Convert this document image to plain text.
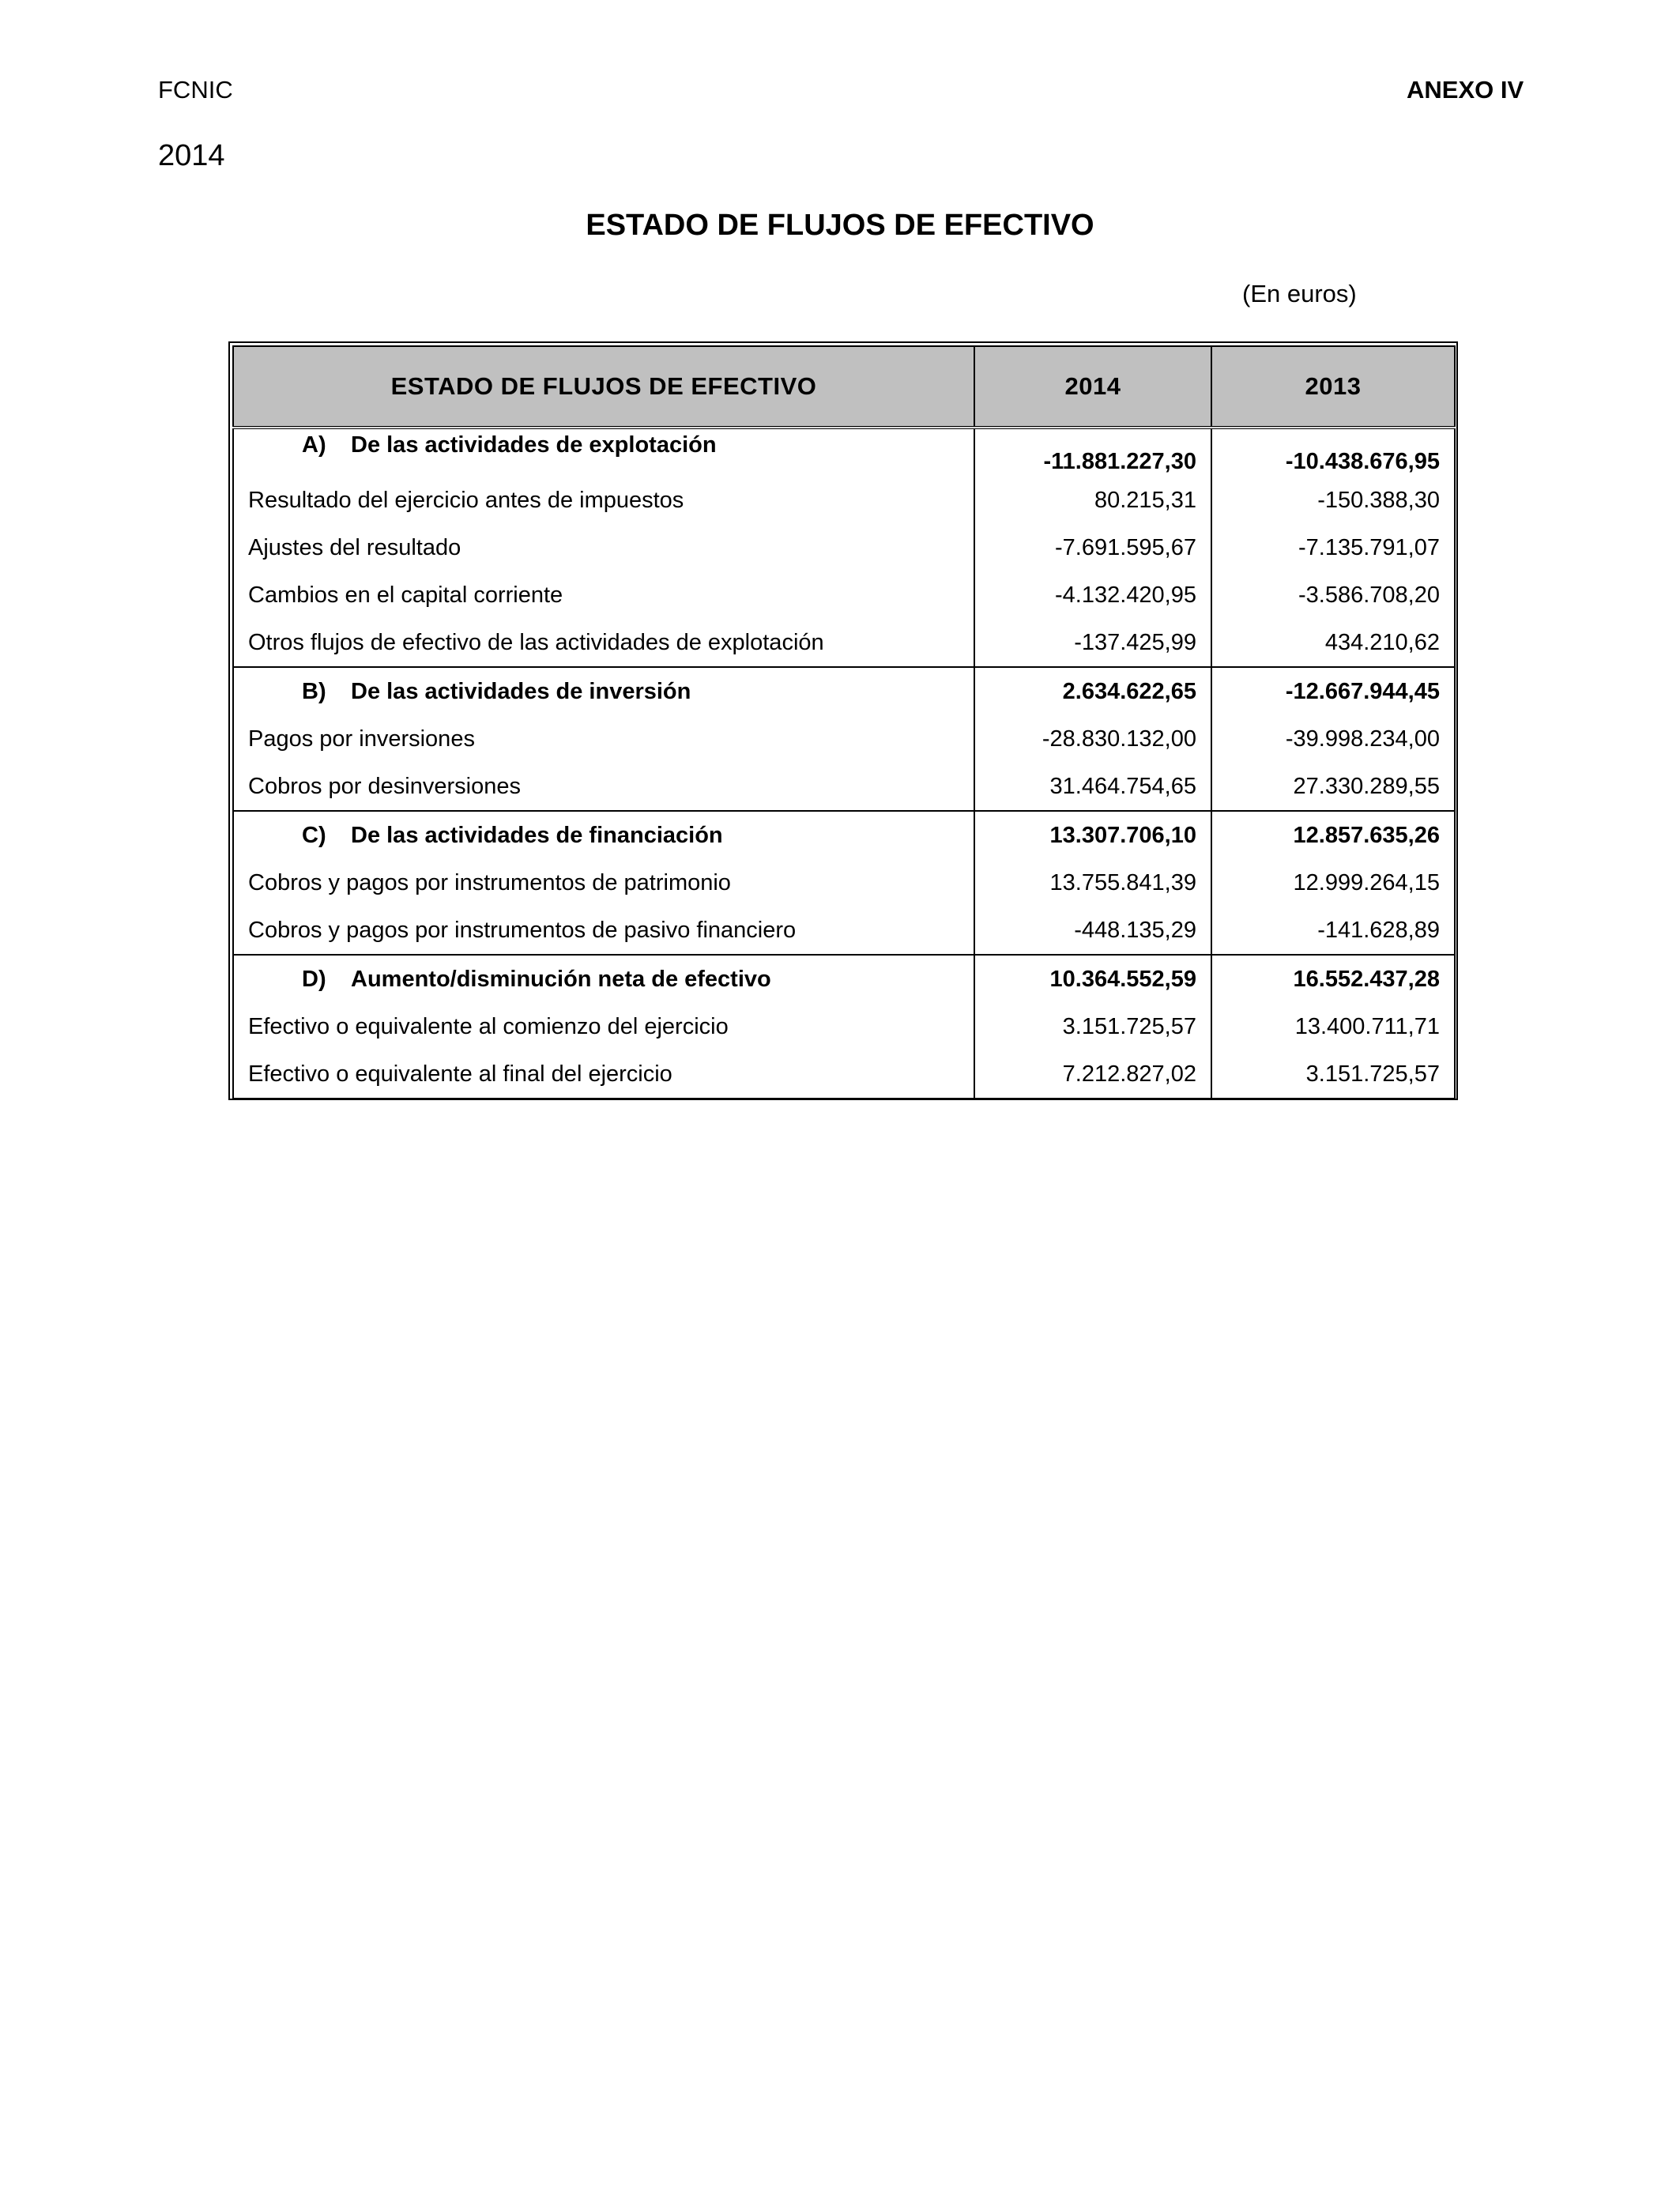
FCNIC	ANEXO IV
2014
ESTADO DE FLUJOS DE EFECTIVO
(En euros)
ESTADO DE FLUJOS DE EFECTIVO	2014	2013
A) De las actividades de explotación	-11.881.227,30	-10.438.676,95
Resultado del ejercicio antes de impuestos	80.215,31	-150.388,30
Ajustes del resultado	-7.691.595,67	-7.135.791,07
Cambios en el capital corriente	-4.132.420,95	-3.586.708,20
Otros flujos de efectivo de las actividades de explotación	-137.425,99	434.210,62
B) De las actividades de inversión	2.634.622,65	-12.667.944,45
Pagos por inversiones	-28.830.132,00	-39.998.234,00
Cobros por desinversiones	31.464.754,65	27.330.289,55
C) De las actividades de financiación	13.307.706,10	12.857.635,26
Cobros y pagos por instrumentos de patrimonio	13.755.841,39	12.999.264,15
Cobros y pagos por instrumentos de pasivo financiero	-448.135,29	-141.628,89
D) Aumento/disminución neta de efectivo	10.364.552,59	16.552.437,28
Efectivo o equivalente al comienzo del ejercicio	3.151.725,57	13.400.711,71
Efectivo o equivalente al final del ejercicio	7.212.827,02	3.151.725,57
